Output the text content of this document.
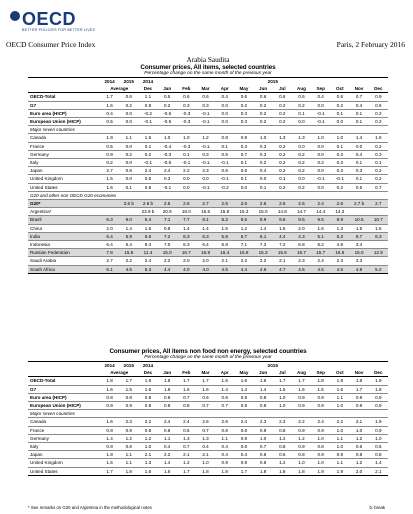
OECD
BETTER POLICIES FOR BETTER LIVES
OECD Consumer Price Index	Paris, 2 February 2016
Arabia Saudita
Consumer prices, All items, selected countries
Percentage change on the same month of the previous year
	2014	2015	2014	2015											
	Average		Dec	Jan	Feb	Mar	Apr	May	Jun	Jul	Aug	Sep	Oct	Nov	Dec
OECD-Total	1.7	0.6	1.1	0.5	0.6	0.6	0.4	0.6	0.6	0.6	0.6	0.4	0.6	0.7	0.9
G7	1.6	0.2	0.8	0.2	0.3	0.3	0.0	0.2	0.2	0.2	0.2	0.0	0.2	0.4	0.6
Euro area (HICP)	0.4	0.0	-0.2	-0.6	-0.3	-0.1	0.0	0.3	0.2	0.2	0.1	-0.1	0.1	0.1	0.2
European Union (HICP)	0.5	0.0	-0.1	-0.5	-0.3	-0.1	0.0	0.3	0.2	0.2	0.0	-0.1	0.0	0.1	0.2
Major seven countries															
Canada	1.9	1.1	1.5	1.0	1.0	1.2	0.8	0.9	1.0	1.3	1.3	1.0	1.0	1.4	1.6
France	0.5	0.0	0.1	-0.4	-0.3	-0.1	0.1	0.3	0.3	0.2	0.0	0.0	0.1	0.0	0.2
Germany	0.9	0.2	0.2	-0.3	0.1	0.3	0.5	0.7	0.3	0.2	0.2	0.0	0.3	0.4	0.3
Italy	0.2	0.0	-0.1	-0.6	-0.1	-0.1	-0.1	0.1	0.2	0.2	0.2	0.2	0.3	0.1	0.1
Japan	2.7	0.8	2.4	2.4	2.2	2.3	0.6	0.5	0.4	0.2	0.2	0.0	0.3	0.3	0.2
United Kingdom	1.5	0.0	0.5	0.3	0.0	0.0	-0.1	0.1	0.0	0.1	0.0	-0.1	-0.1	0.1	0.2
United States	1.6	0.1	0.8	-0.1	0.0	-0.1	-0.2	0.0	0.1	0.2	0.2	0.0	0.2	0.5	0.7
G20 and other non OECD G20 economies															
G20*		2.6 b	2.6 b	2.5	2.6	2.7	2.5	2.6	2.6	2.5	2.5	2.4	2.6	2.7 b	2.7
Argentina*			23.9 b	20.9	18.0	16.5	15.8	15.3	15.0	14.8	14.7	14.4	14.3		
Brazil	6.3	9.0	6.4	7.1	7.7	8.1	8.2	8.5	8.9	9.6	9.5	9.5	9.9	10.5	10.7
China	2.0	1.4	1.5	0.8	1.4	1.4	1.5	1.2	1.4	1.6	2.0	1.6	1.3	1.5	1.6
India	6.4	5.9	5.9	7.2	6.3	6.3	5.8	5.7	6.1	4.4	4.3	5.1	6.3	6.7	6.3
Indonesia	6.4	6.4	8.4	7.0	6.3	6.4	6.8	7.1	7.3	7.2	6.8	6.2	4.9	3.4	
Russian Federation	7.8	15.5	11.4	15.0	16.7	16.9	16.4	15.8	15.3	15.6	15.7	15.7	15.6	15.0	12.9
Saudi Arabia	2.7	2.2	2.4	2.2	2.0	2.0	2.1	2.2	2.2	2.1	2.3	2.4	2.3	2.3	
South Africa	6.1	4.5	5.3	4.4	4.0	4.0	4.5	4.4	4.6	4.7	4.5	4.5	4.6	4.8	5.2
Consumer prices, All items non food non energy, selected countries
Percentage change on the same month of the previous year
	2014	2015	2014	2015											
	Average		Dec	Jan	Feb	Mar	Apr	May	Jun	Jul	Aug	Sep	Oct	Nov	Dec
OECD-Total	1.8	1.7	1.8	1.8	1.7	1.7	1.6	1.6	1.6	1.7	1.7	1.8	1.8	1.8	1.9
G7	1.6	1.5	1.6	1.6	1.6	1.6	1.4	1.4	1.4	1.5	1.6	1.5	1.6	1.7	1.8
Euro area (HICP)	0.8	0.8	0.8	0.6	0.7	0.6	0.6	0.9	0.8	1.0	0.9	0.9	1.1	0.9	0.9
European Union (HICP)	0.9	0.9	0.8	0.8	0.8	0.7	0.7	0.9	0.8	1.0	0.9	0.9	1.0	0.9	0.9
Major seven countries															
Canada	1.6	2.3	2.2	2.4	2.4	2.6	2.6	2.4	2.3	2.3	2.2	2.4	2.2	2.1	1.9
France	0.9	0.9	0.8	0.6	0.6	0.7	0.6	0.6	0.9	0.8	0.9	0.9	1.0	1.0	0.9
Germany	1.4	1.2	1.2	1.1	1.3	1.3	1.1	0.9	1.0	1.2	1.2	1.0	1.1	1.2	1.0
Italy	0.9	0.6	1.0	0.4	0.7	0.4	0.4	0.6	0.7	0.8	0.9	0.8	1.0	0.6	0.6
Japan	1.9	1.1	2.1	2.2	2.1	2.1	0.4	0.4	0.6	0.6	0.8	0.9	0.9	0.8	0.8
United Kingdom	1.6	1.1	1.3	1.4	1.2	1.0	0.9	0.9	0.8	1.2	1.0	1.0	1.1	1.2	1.4
United States	1.7	1.8	1.6	1.6	1.7	1.8	1.8	1.7	1.8	1.8	1.8	1.9	1.9	2.0	2.1
* See remarks on G20 and Argentina in the methodological notes	b: break
